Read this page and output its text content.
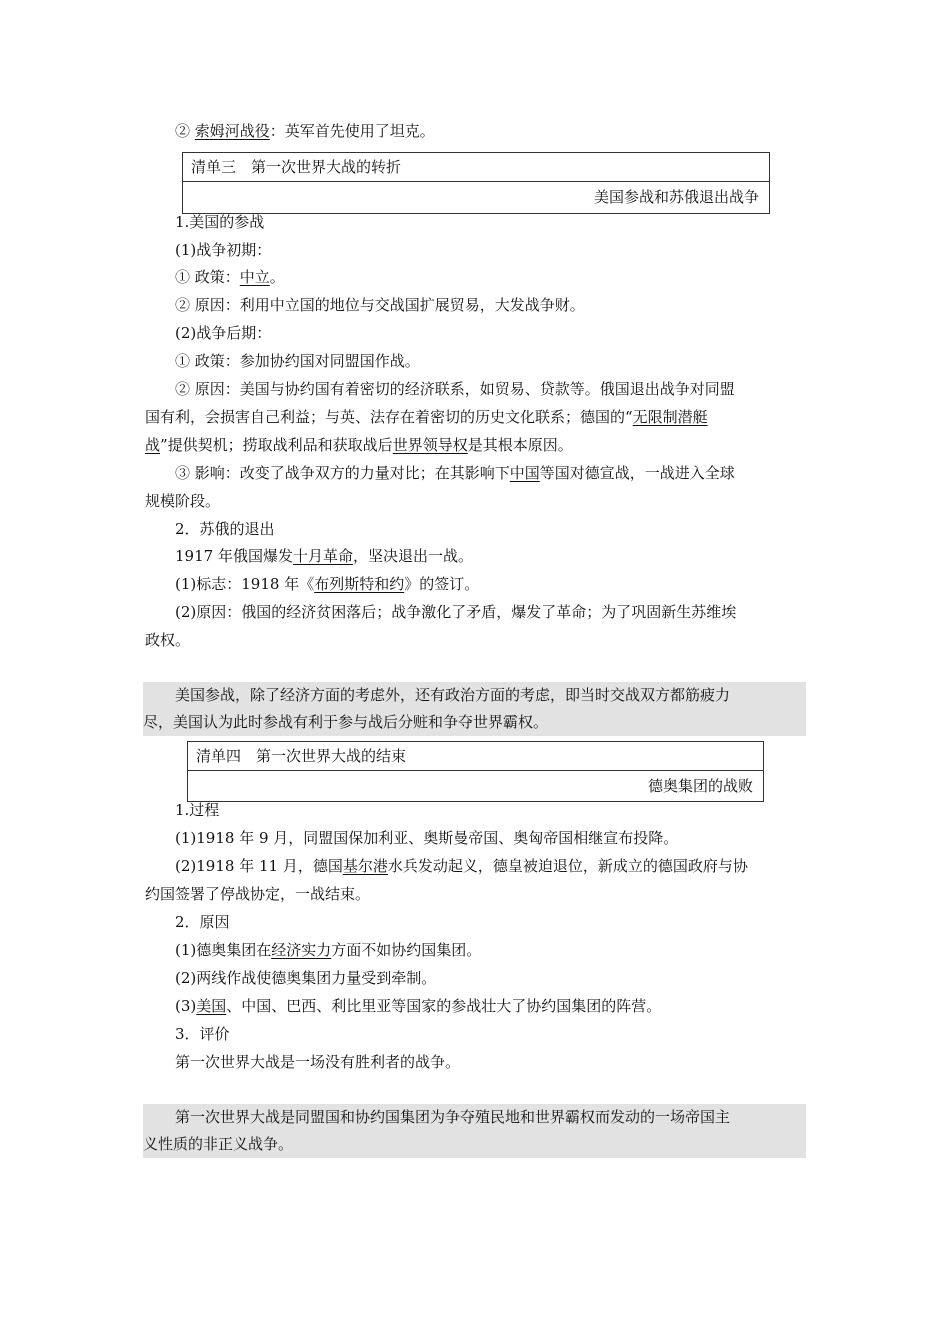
② 索姆河战役：英军首先使用了坦克。
清单三　第一次世界大战的转折
美国参战和苏俄退出战争
1.美国的参战
(1)战争初期：
① 政策：中立。
② 原因：利用中立国的地位与交战国扩展贸易，大发战争财。
(2)战争后期：
① 政策：参加协约国对同盟国作战。
② 原因：美国与协约国有着密切的经济联系，如贸易、贷款等。俄国退出战争对同盟
国有利，会损害自己利益；与英、法存在着密切的历史文化联系；德国的“无限制潜艇
战”提供契机；捞取战利品和获取战后世界领导权是其根本原因。
③ 影响：改变了战争双方的力量对比；在其影响下中国等国对德宣战，一战进入全球
规模阶段。
2．苏俄的退出
1917 年俄国爆发十月革命，坚决退出一战。
(1)标志：1918 年《布列斯特和约》的签订。
(2)原因：俄国的经济贫困落后；战争激化了矛盾，爆发了革命；为了巩固新生苏维埃
政权。
美国参战，除了经济方面的考虑外，还有政治方面的考虑，即当时交战双方都筋疲力
尽，美国认为此时参战有利于参与战后分赃和争夺世界霸权。
清单四　第一次世界大战的结束
德奥集团的战败
1.过程
(1)1918 年 9 月，同盟国保加利亚、奥斯曼帝国、奥匈帝国相继宣布投降。
(2)1918 年 11 月，德国基尔港水兵发动起义，德皇被迫退位，新成立的德国政府与协
约国签署了停战协定，一战结束。
2．原因
(1)德奥集团在经济实力方面不如协约国集团。
(2)两线作战使德奥集团力量受到牵制。
(3)美国、中国、巴西、利比里亚等国家的参战壮大了协约国集团的阵营。
3．评价
第一次世界大战是一场没有胜利者的战争。
第一次世界大战是同盟国和协约国集团为争夺殖民地和世界霸权而发动的一场帝国主
义性质的非正义战争。
